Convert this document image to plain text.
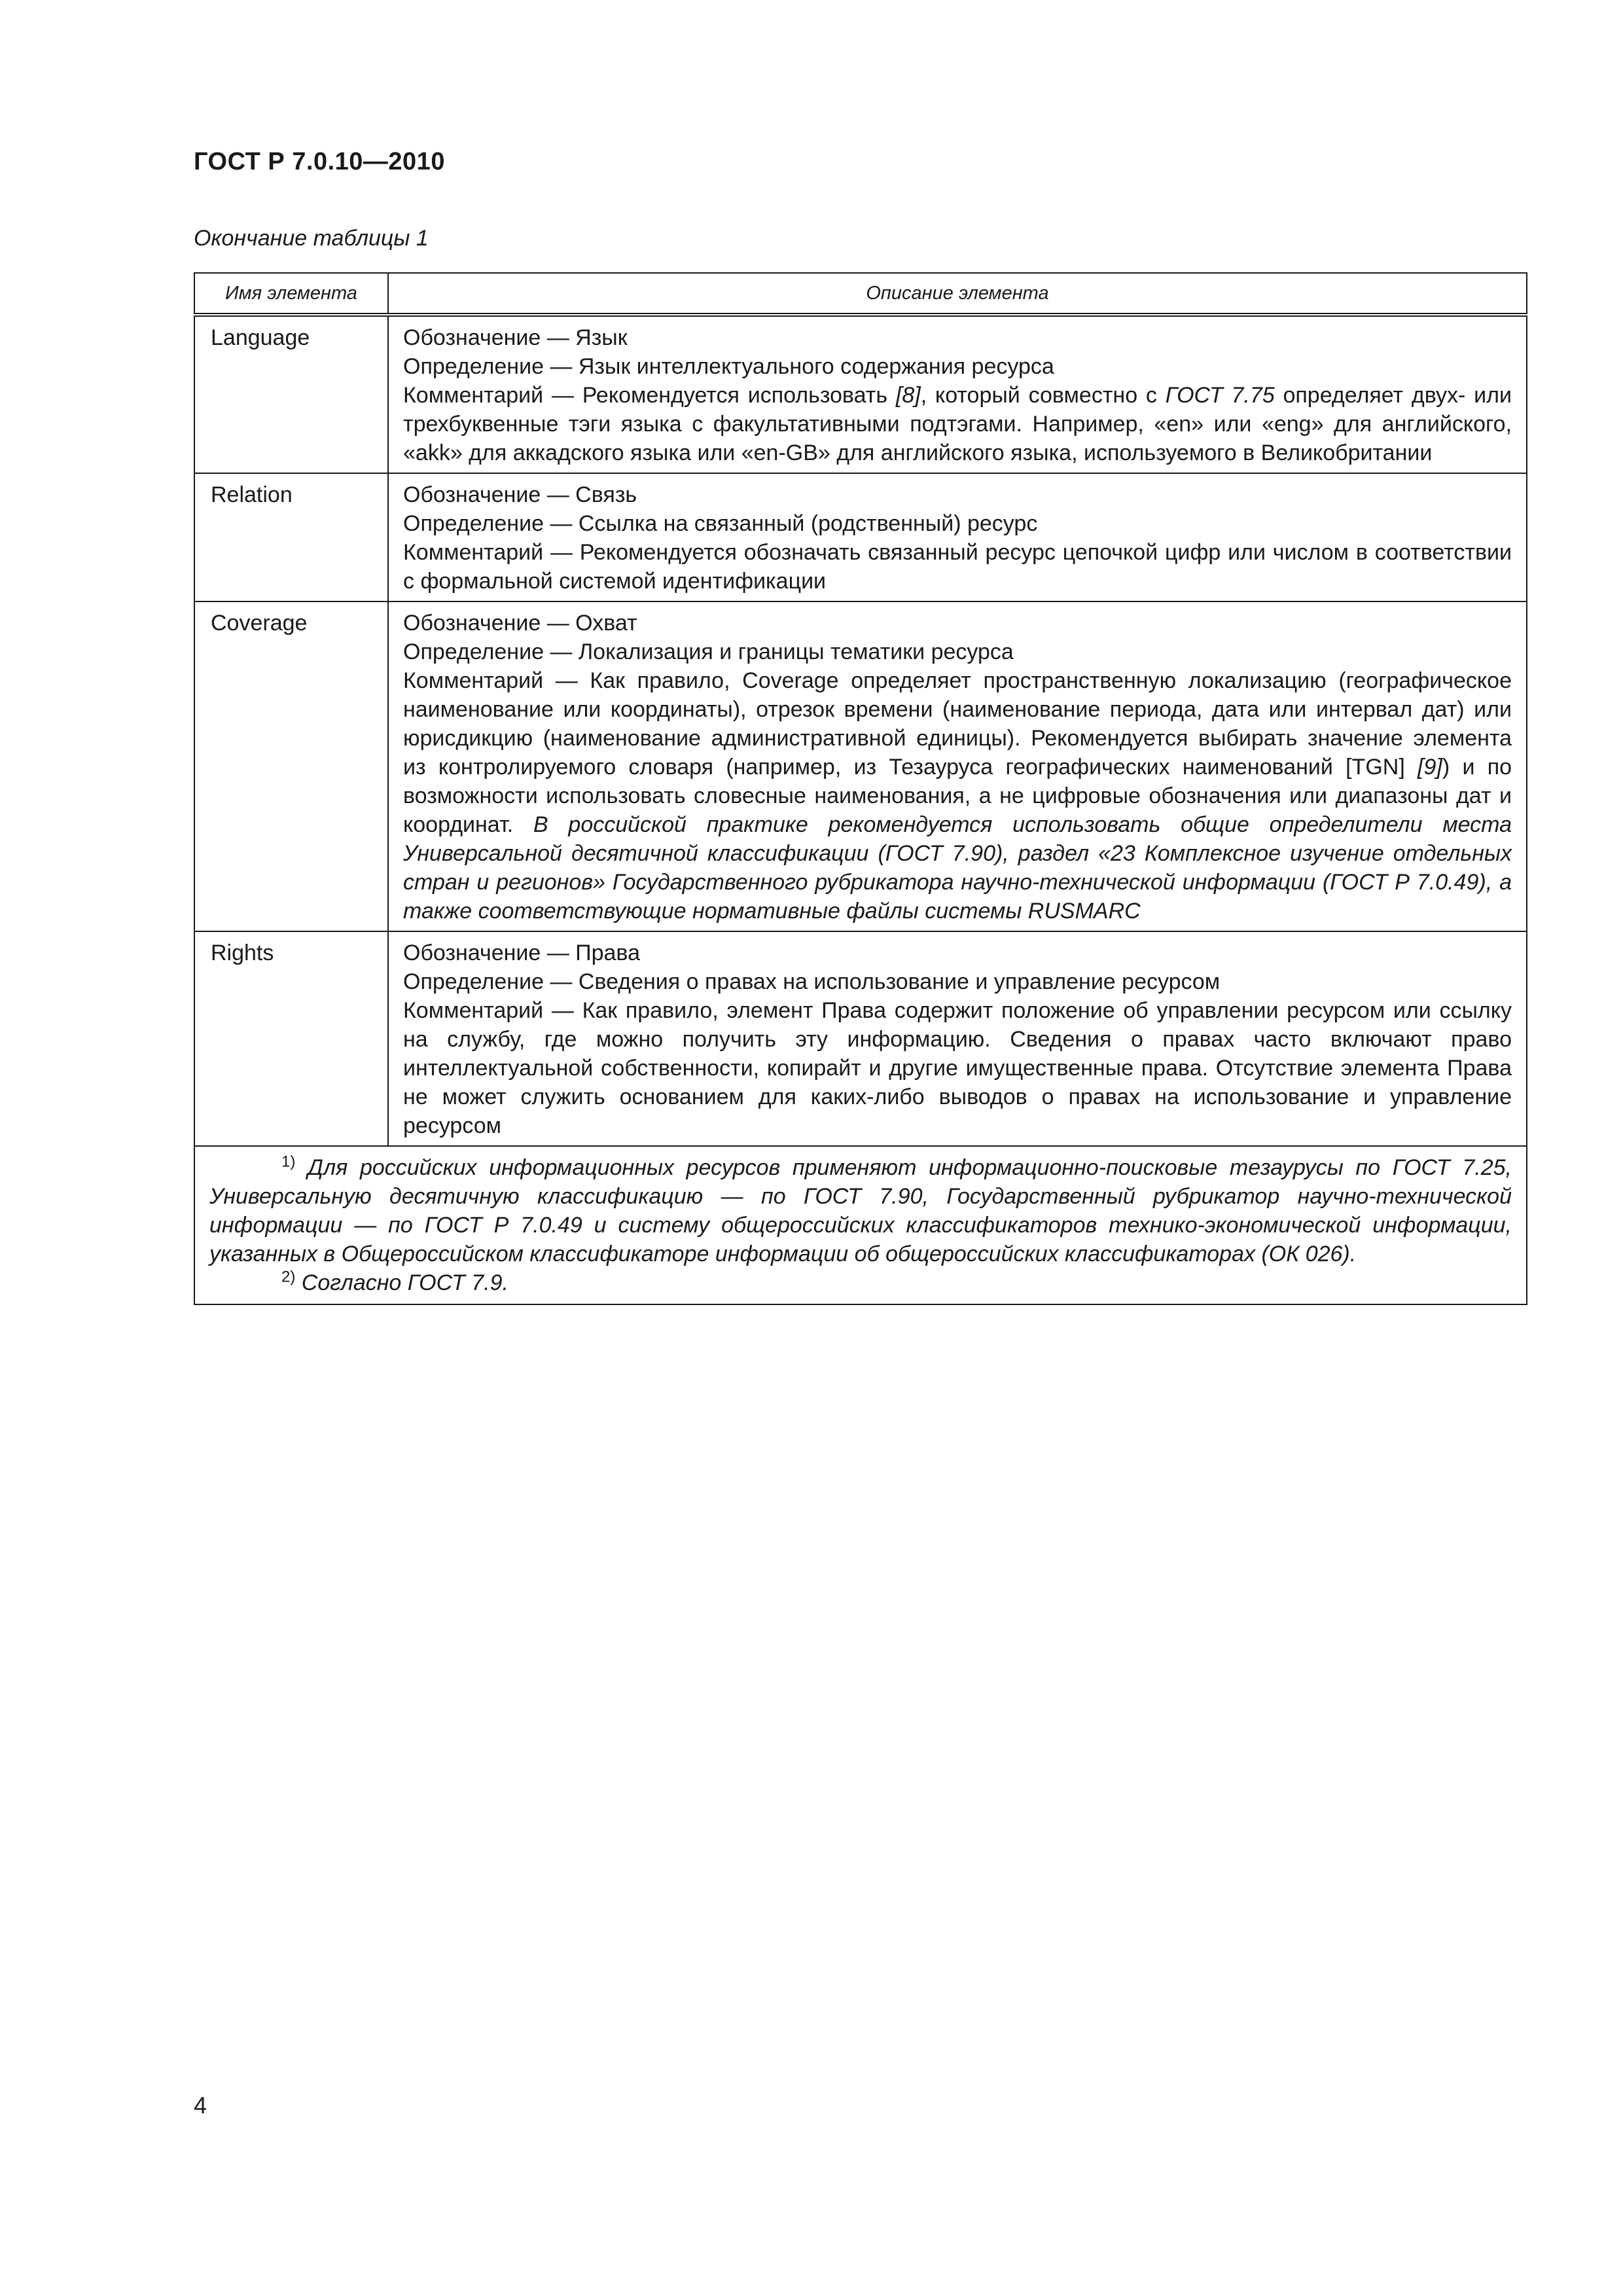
ГОСТ Р 7.0.10—2010
Окончание таблицы 1
Имя элемента	Описание элемента
Language	Обозначение — Язык
Определение — Язык интеллектуального содержания ресурса
Комментарий — Рекомендуется использовать [8], который совместно с ГОСТ 7.75 определяет двух- или трехбуквенные тэги языка с факультативными подтэгами. Например, «en» или «eng» для английского, «akk» для аккадского языка или «en-GB» для английского языка, используемого в Великобритании

Relation	Обозначение — Связь
Определение — Ссылка на связанный (родственный) ресурс
Комментарий — Рекомендуется обозначать связанный ресурс цепочкой цифр или числом в соответствии с формальной системой идентификации

Coverage	Обозначение — Охват
Определение — Локализация и границы тематики ресурса
Комментарий — Как правило, Coverage определяет пространственную локализацию (географическое наименование или координаты), отрезок времени (наименование периода, дата или интервал дат) или юрисдикцию (наименование административной единицы). Рекомендуется выбирать значение элемента из контролируемого словаря (например, из Тезауруса географических наименований [TGN] [9]) и по возможности использовать словесные наименования, а не цифровые обозначения или диапазоны дат и координат. В российской практике рекомендуется использовать общие определители места Универсальной десятичной классификации (ГОСТ 7.90), раздел «23 Комплексное изучение отдельных стран и регионов» Государственного рубрикатора научно-технической информации (ГОСТ Р 7.0.49), а также соответствующие нормативные файлы системы RUSMARC

Rights	Обозначение — Права
Определение — Сведения о правах на использование и управление ресурсом
Комментарий — Как правило, элемент Права содержит положение об управлении ресурсом или ссылку на службу, где можно получить эту информацию. Сведения о правах часто включают право интеллектуальной собственности, копирайт и другие имущественные права. Отсутствие элемента Права не может служить основанием для каких-либо выводов о правах на использование и управление ресурсом

$^{1)}$ Для российских информационных ресурсов применяют информационно-поисковые тезаурусы по ГОСТ 7.25, Универсальную десятичную классификацию — по ГОСТ 7.90, Государственный рубрикатор научно-технической информации — по ГОСТ Р 7.0.49 и систему общероссийских классификаторов технико-экономической информации, указанных в Общероссийском классификаторе информации об общероссийских классификаторах (ОК 026).
$^{2)}$ Согласно ГОСТ 7.9.	
4
